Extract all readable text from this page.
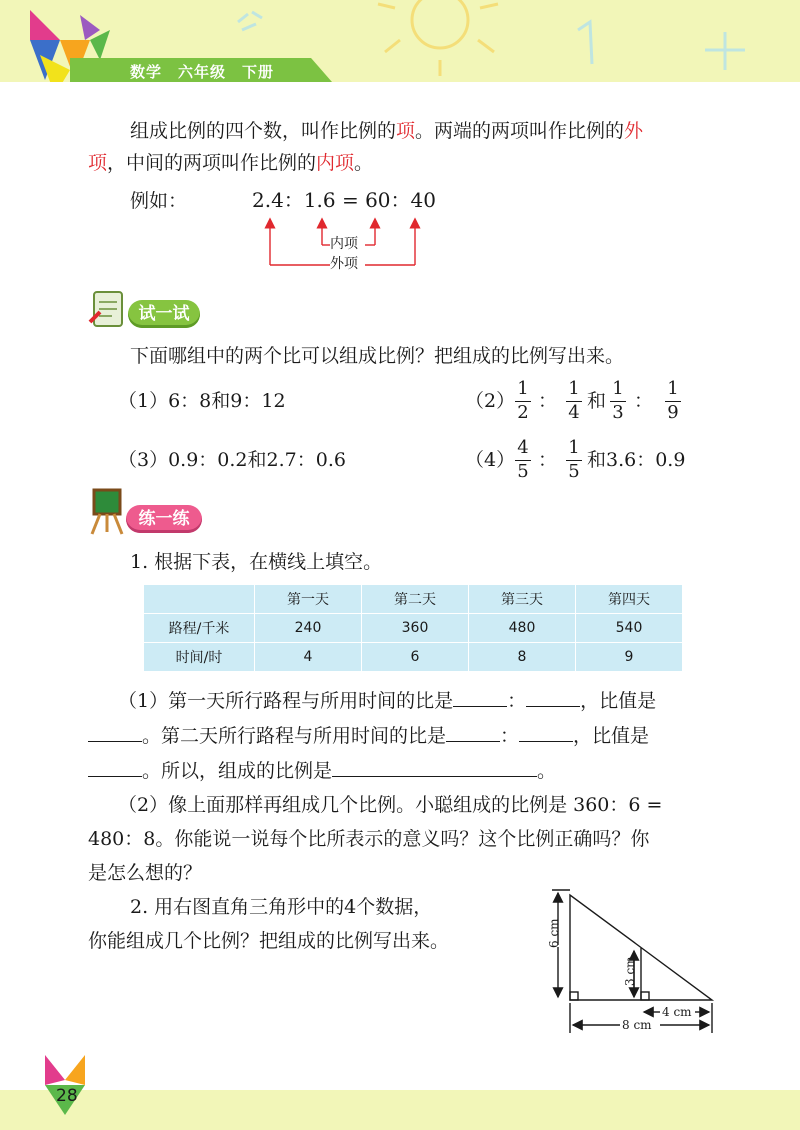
数学　六年级　下册
组成比例的四个数，叫作比例的项。两端的两项叫作比例的外
项，中间的两项叫作比例的内项。
例如：	2.4：1.6 = 60：40
内项
外项
试一试
下面哪组中的两个比可以组成比例？把组成的比例写出来。
（1）6：8和9：12	（2）
1
2
：
1
4
和
1
3
：
1
9
（3）0.9：0.2和2.7：0.6	（4）
4
5
：
1
5
和3.6：0.9
练一练
1. 根据下表，在横线上填空。
	第一天	第二天	第三天	第四天
路程/千米	240	360	480	540
时间/时	4	6	8	9
（1）第一天所行路程与所用时间的比是	：	，比值是
。第二天所行路程与所用时间的比是	：	，比值是
。所以，组成的比例是	。
（2）像上面那样再组成几个比例。小聪组成的比例是 360：6 =
480：8。你能说一说每个比所表示的意义吗？这个比例正确吗？你
是怎么想的？
2. 用右图直角三角形中的4个数据，
你能组成几个比例？把组成的比例写出来。	6 cm
3 cm
4 cm
8 cm
28
